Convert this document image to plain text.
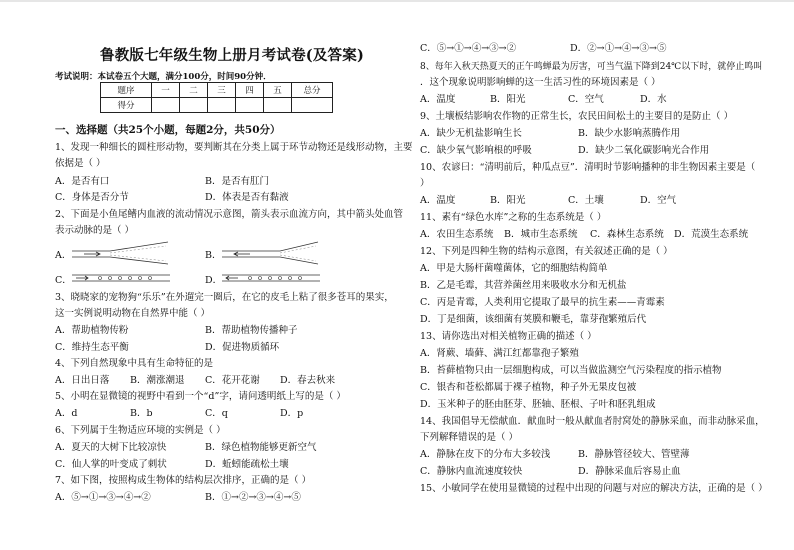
鲁教版七年级生物上册月考试卷(及答案)
考试说明：本试卷五个大题，满分100分，时间90分钟．
题序	一	二	三	四	五	总分
得分						
一、选择题（共25个小题，每题2分，共50分）
1、发现一种细长的圆柱形动物，要判断其在分类上属于环节动物还是线形动物，主要
依据是（ ）
A．是否有口	B．是否有肛门
C．身体是否分节	D．体表是否有黏液
2、下面是小鱼尾鳍内血液的流动情况示意图，箭头表示血流方向，其中箭头处血管
表示动脉的是（ ）
A．	B．
C．	D．
3、晓晓家的宠物狗“乐乐”在外遛完一圈后，在它的皮毛上粘了很多苍耳的果实，
这一实例说明动物在自然界中能（ ）
A．帮助植物传粉	B．帮助植物传播种子
C．维持生态平衡	D．促进物质循环
4、下列自然现象中具有生命特征的是
A．日出日落 B．潮涨潮退 C．花开花谢 D．春去秋来
5、小明在显微镜的视野中看到一个“d”字，请问透明纸上写的是（ ）
A．d	B．b	C．q	D．p
6、下列属于生物适应环境的实例是（ ）
A．夏天的大树下比较凉快	B．绿色植物能够更新空气
C．仙人掌的叶变成了刺状	D．蚯蚓能疏松土壤
7、如下图，按照构成生物体的结构层次排序，正确的是（ ）
A．⑤→①→③→④→②	B．①→②→③→④→⑤
C．⑤→①→④→③→②	D．②→①→④→③→⑤
8、每年入秋天热夏天的正午鸣蝉最为厉害，可当气温下降到24℃以下时，就停止鸣叫
．这个现象说明影响蝉的这一生活习性的环境因素是（ ）
A．温度	B．阳光	C．空气	D．水
9、土壤板结影响农作物的正常生长，农民田间松土的主要目的是防止（ ）
A．缺少无机盐影响生长	B．缺少水影响蒸腾作用
C．缺少氧气影响根的呼吸	D．缺少二氧化碳影响光合作用
10、农谚曰：“清明前后，种瓜点豆”．清明时节影响播种的非生物因素主要是（
）
A．温度	B．阳光	C．土壤	D．空气
11、素有“绿色水库”之称的生态系统是（ ）
A．农田生态系统 B．城市生态系统 C．森林生态系统 D．荒漠生态系统
12、下列是四种生物的结构示意图，有关叙述正确的是（ ）
A．甲是大肠杆菌噬菌体，它的细胞结构简单
B．乙是毛霉，其营养菌丝用来吸收水分和无机盐
C．丙是青霉，人类利用它提取了最早的抗生素——青霉素
D．丁是细菌，该细菌有荚膜和鞭毛，靠芽孢繁殖后代
13、请你选出对相关植物正确的描述（ ）
A．肾蕨、墙藓、满江红都靠孢子繁殖
B．苔藓植物只由一层细胞构成，可以当做监测空气污染程度的指示植物
C．银杏和苍松都属于裸子植物，种子外无果皮包被
D．玉米种子的胚由胚芽、胚轴、胚根、子叶和胚乳组成
14、我国倡导无偿献血．献血时一般从献血者肘窝处的静脉采血，而非动脉采血，
下列解释错误的是（ ）
A．静脉在皮下的分布大多较浅	B．静脉管径较大、管壁薄
C．静脉内血流速度较快	D．静脉采血后容易止血
15、小敏同学在使用显微镜的过程中出现的问题与对应的解决方法，正确的是（ ）
